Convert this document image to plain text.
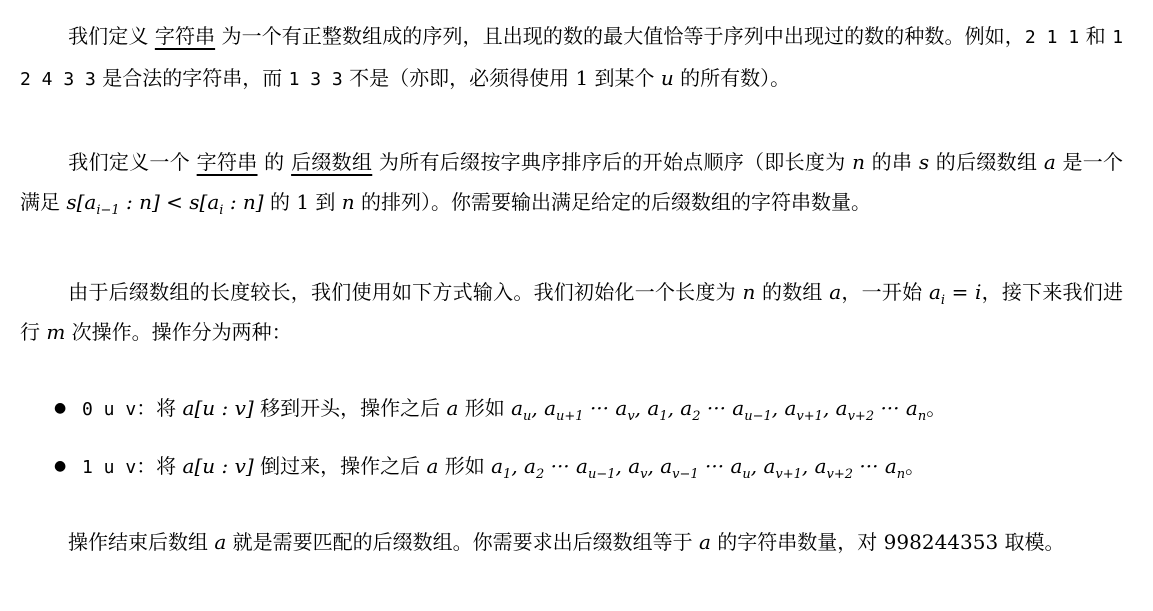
我们定义 字符串 为一个有正整数组成的序列，且出现的数的最大值恰等于序列中出现过的数的种数。例如，2 1 1 和 1 2 4 3 3 是合法的字符串，而 1 3 3 不是（亦即，必须得使用 1 到某个 u 的所有数）。
我们定义一个 字符串 的 后缀数组 为所有后缀按字典序排序后的开始点顺序（即长度为 n 的串 s 的后缀数组 a 是一个满足 $s[a_{i-1}$ : $n] < s[a_i$ : n] 的 1 到 n 的排列）。你需要输出满足给定的后缀数组的字符串数量。
由于后缀数组的长度较长，我们使用如下方式输入。我们初始化一个长度为 n 的数组 a，一开始 $a_i = i$，接下来我们进行 m 次操作。操作分为两种：
● 0 u v：将 a[u : v] 移到开头，操作之后 a 形如 $a_u$, $a_{u+1}$ ··· $a_v$, $a_1$, $a_2$ ··· $a_{u-1}$, $a_{v+1}$, $a_{v+2}$ ··· $a_n$。
● 1 u v：将 a[u : v] 倒过来，操作之后 a 形如 $a_1$, $a_2$ ··· $a_{u-1}$, $a_v$, $a_{v-1}$ ··· $a_u$, $a_{v+1}$, $a_{v+2}$ ··· $a_n$。
操作结束后数组 a 就是需要匹配的后缀数组。你需要求出后缀数组等于 a 的字符串数量，对 998244353 取模。
